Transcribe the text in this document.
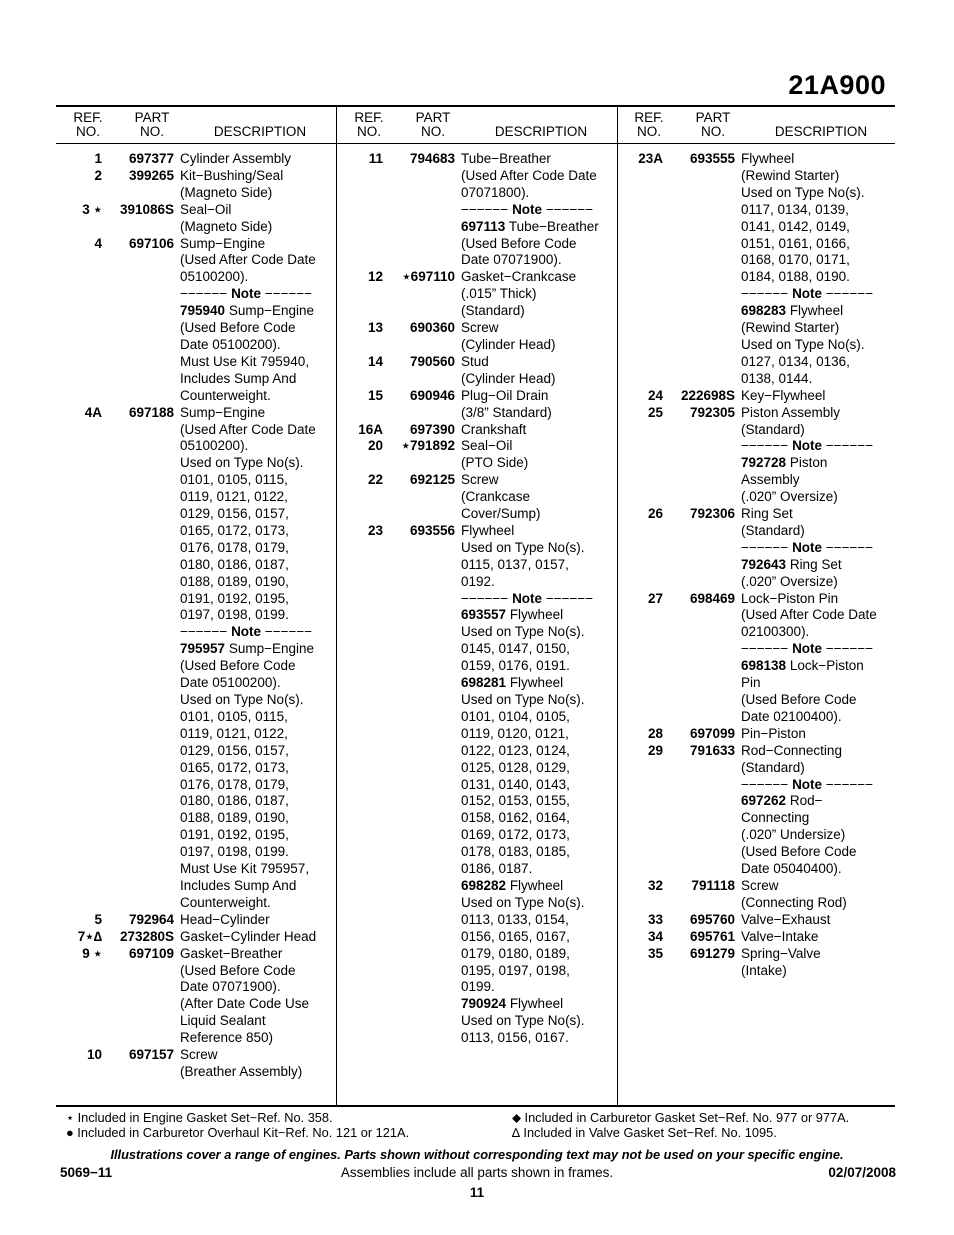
21A900
REF.
NO.
PART
NO.	DESCRIPTION
1	697377 Cylinder Assembly
2	399265 Kit−Bushing/Seal
(Magneto Side)
3 ⋆	391086S Seal−Oil
(Magneto Side)
4	697106 Sump−Engine
(Used After Code Date
05100200).
−−−−−− Note −−−−−−
795940 Sump−Engine
(Used Before Code
Date 05100200).
Must Use Kit 795940,
Includes Sump And
Counterweight.
4A	697188 Sump−Engine
(Used After Code Date
05100200).
Used on Type No(s).
0101, 0105, 0115,
0119, 0121, 0122,
0129, 0156, 0157,
0165, 0172, 0173,
0176, 0178, 0179,
0180, 0186, 0187,
0188, 0189, 0190,
0191, 0192, 0195,
0197, 0198, 0199.
−−−−−− Note −−−−−−
795957 Sump−Engine
(Used Before Code
Date 05100200).
Used on Type No(s).
0101, 0105, 0115,
0119, 0121, 0122,
0129, 0156, 0157,
0165, 0172, 0173,
0176, 0178, 0179,
0180, 0186, 0187,
0188, 0189, 0190,
0191, 0192, 0195,
0197, 0198, 0199.
Must Use Kit 795957,
Includes Sump And
Counterweight.
5	792964 Head−Cylinder
7⋆∆	273280S Gasket−Cylinder Head
9 ⋆	697109 Gasket−Breather
(Used Before Code
Date 07071900).
(After Date Code Use
Liquid Sealant
Reference 850)
10	697157 Screw
(Breather Assembly)
REF.
NO.
PART
NO.	DESCRIPTION
11	794683 Tube−Breather
(Used After Code Date
07071800).
−−−−−− Note −−−−−−
697113 Tube−Breather
(Used Before Code
Date 07071900).
12	⋆697110 Gasket−Crankcase
(.015” Thick)
(Standard)
13	690360 Screw
(Cylinder Head)
14	790560 Stud
(Cylinder Head)
15	690946 Plug−Oil Drain
(3/8” Standard)
16A	697390 Crankshaft
20	⋆791892 Seal−Oil
(PTO Side)
22	692125 Screw
(Crankcase
Cover/Sump)
23	693556 Flywheel
Used on Type No(s).
0115, 0137, 0157,
0192.
−−−−−− Note −−−−−−
693557 Flywheel
Used on Type No(s).
0145, 0147, 0150,
0159, 0176, 0191.
698281 Flywheel
Used on Type No(s).
0101, 0104, 0105,
0119, 0120, 0121,
0122, 0123, 0124,
0125, 0128, 0129,
0131, 0140, 0143,
0152, 0153, 0155,
0158, 0162, 0164,
0169, 0172, 0173,
0178, 0183, 0185,
0186, 0187.
698282 Flywheel
Used on Type No(s).
0113, 0133, 0154,
0156, 0165, 0167,
0179, 0180, 0189,
0195, 0197, 0198,
0199.
790924 Flywheel
Used on Type No(s).
0113, 0156, 0167.
REF.
NO.
PART
NO.	DESCRIPTION
23A	693555 Flywheel
(Rewind Starter)
Used on Type No(s).
0117, 0134, 0139,
0141, 0142, 0149,
0151, 0161, 0166,
0168, 0170, 0171,
0184, 0188, 0190.
−−−−−− Note −−−−−−
698283 Flywheel
(Rewind Starter)
Used on Type No(s).
0127, 0134, 0136,
0138, 0144.
24	222698S Key−Flywheel
25	792305 Piston Assembly
(Standard)
−−−−−− Note −−−−−−
792728 Piston
Assembly
(.020” Oversize)
26	792306 Ring Set
(Standard)
−−−−−− Note −−−−−−
792643 Ring Set
(.020” Oversize)
27	698469 Lock−Piston Pin
(Used After Code Date
02100300).
−−−−−− Note −−−−−−
698138 Lock−Piston
Pin
(Used Before Code
Date 02100400).
28	697099 Pin−Piston
29	791633 Rod−Connecting
(Standard)
−−−−−− Note −−−−−−
697262 Rod−
Connecting
(.020” Undersize)
(Used Before Code
Date 05040400).
32	791118 Screw
(Connecting Rod)
33	695760 Valve−Exhaust
34	695761 Valve−Intake
35	691279 Spring−Valve
(Intake)
⋆ Included in Engine Gasket Set−Ref. No. 358.
● Included in Carburetor Overhaul Kit−Ref. No. 121 or 121A.
⬥ Included in Carburetor Gasket Set−Ref. No. 977 or 977A.
∆ Included in Valve Gasket Set−Ref. No. 1095.
Illustrations cover a range of engines. Parts shown without corresponding text may not be used on your specific engine.
5069−11	Assemblies include all parts shown in frames.	02/07/2008
11
